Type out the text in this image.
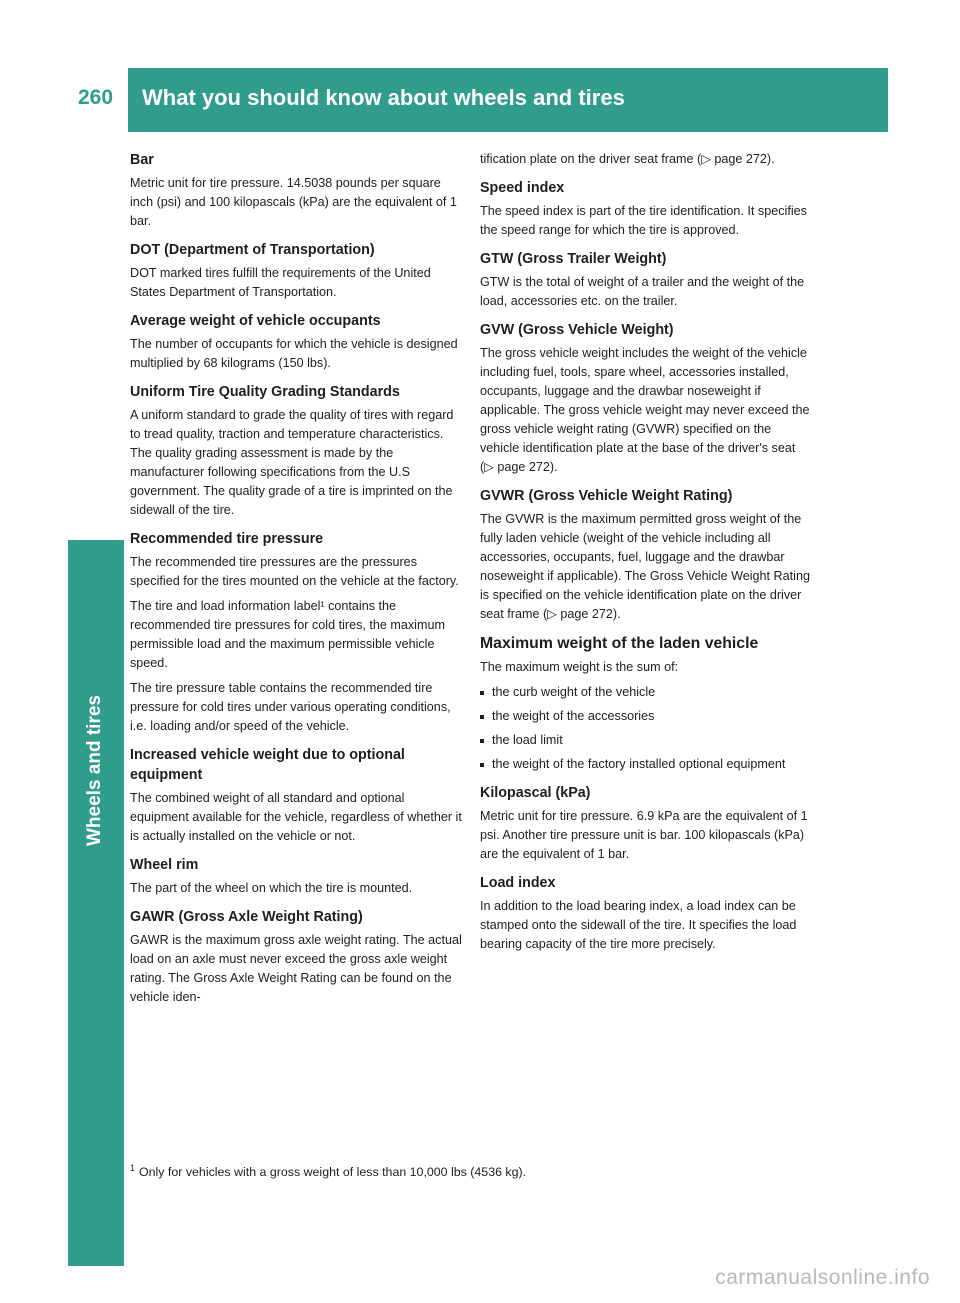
260	What you should know about wheels and tires
Wheels and tires
Bar
Metric unit for tire pressure. 14.5038 pounds per square inch (psi) and 100 kilopascals (kPa) are the equivalent of 1 bar.
DOT (Department of Transportation)
DOT marked tires fulfill the requirements of the United States Department of Transportation.
Average weight of vehicle occupants
The number of occupants for which the vehicle is designed multiplied by 68 kilograms (150 lbs).
Uniform Tire Quality Grading Standards
A uniform standard to grade the quality of tires with regard to tread quality, traction and temperature characteristics. The quality grading assessment is made by the manufacturer following specifications from the U.S government. The quality grade of a tire is imprinted on the sidewall of the tire.
Recommended tire pressure
The recommended tire pressures are the pressures specified for the tires mounted on the vehicle at the factory.
The tire and load information label¹ contains the recommended tire pressures for cold tires, the maximum permissible load and the maximum permissible vehicle speed.
The tire pressure table contains the recommended tire pressure for cold tires under various operating conditions, i.e. loading and/or speed of the vehicle.
Increased vehicle weight due to optional equipment
The combined weight of all standard and optional equipment available for the vehicle, regardless of whether it is actually installed on the vehicle or not.
Wheel rim
The part of the wheel on which the tire is mounted.
GAWR (Gross Axle Weight Rating)
GAWR is the maximum gross axle weight rating. The actual load on an axle must never exceed the gross axle weight rating. The Gross Axle Weight Rating can be found on the vehicle iden-
tification plate on the driver seat frame (▷ page 272).
Speed index
The speed index is part of the tire identification. It specifies the speed range for which the tire is approved.
GTW (Gross Trailer Weight)
GTW is the total of weight of a trailer and the weight of the load, accessories etc. on the trailer.
GVW (Gross Vehicle Weight)
The gross vehicle weight includes the weight of the vehicle including fuel, tools, spare wheel, accessories installed, occupants, luggage and the drawbar noseweight if applicable. The gross vehicle weight may never exceed the gross vehicle weight rating (GVWR) specified on the vehicle identification plate at the base of the driver's seat (▷ page 272).
GVWR (Gross Vehicle Weight Rating)
The GVWR is the maximum permitted gross weight of the fully laden vehicle (weight of the vehicle including all accessories, occupants, fuel, luggage and the drawbar noseweight if applicable). The Gross Vehicle Weight Rating is specified on the vehicle identification plate on the driver seat frame (▷ page 272).
Maximum weight of the laden vehicle
The maximum weight is the sum of:
the curb weight of the vehicle
the weight of the accessories
the load limit
the weight of the factory installed optional equipment
Kilopascal (kPa)
Metric unit for tire pressure. 6.9 kPa are the equivalent of 1 psi. Another tire pressure unit is bar. 100 kilopascals (kPa) are the equivalent of 1 bar.
Load index
In addition to the load bearing index, a load index can be stamped onto the sidewall of the tire. It specifies the load bearing capacity of the tire more precisely.
$^1$ Only for vehicles with a gross weight of less than 10,000 lbs (4536 kg).
carmanualsonline.info
